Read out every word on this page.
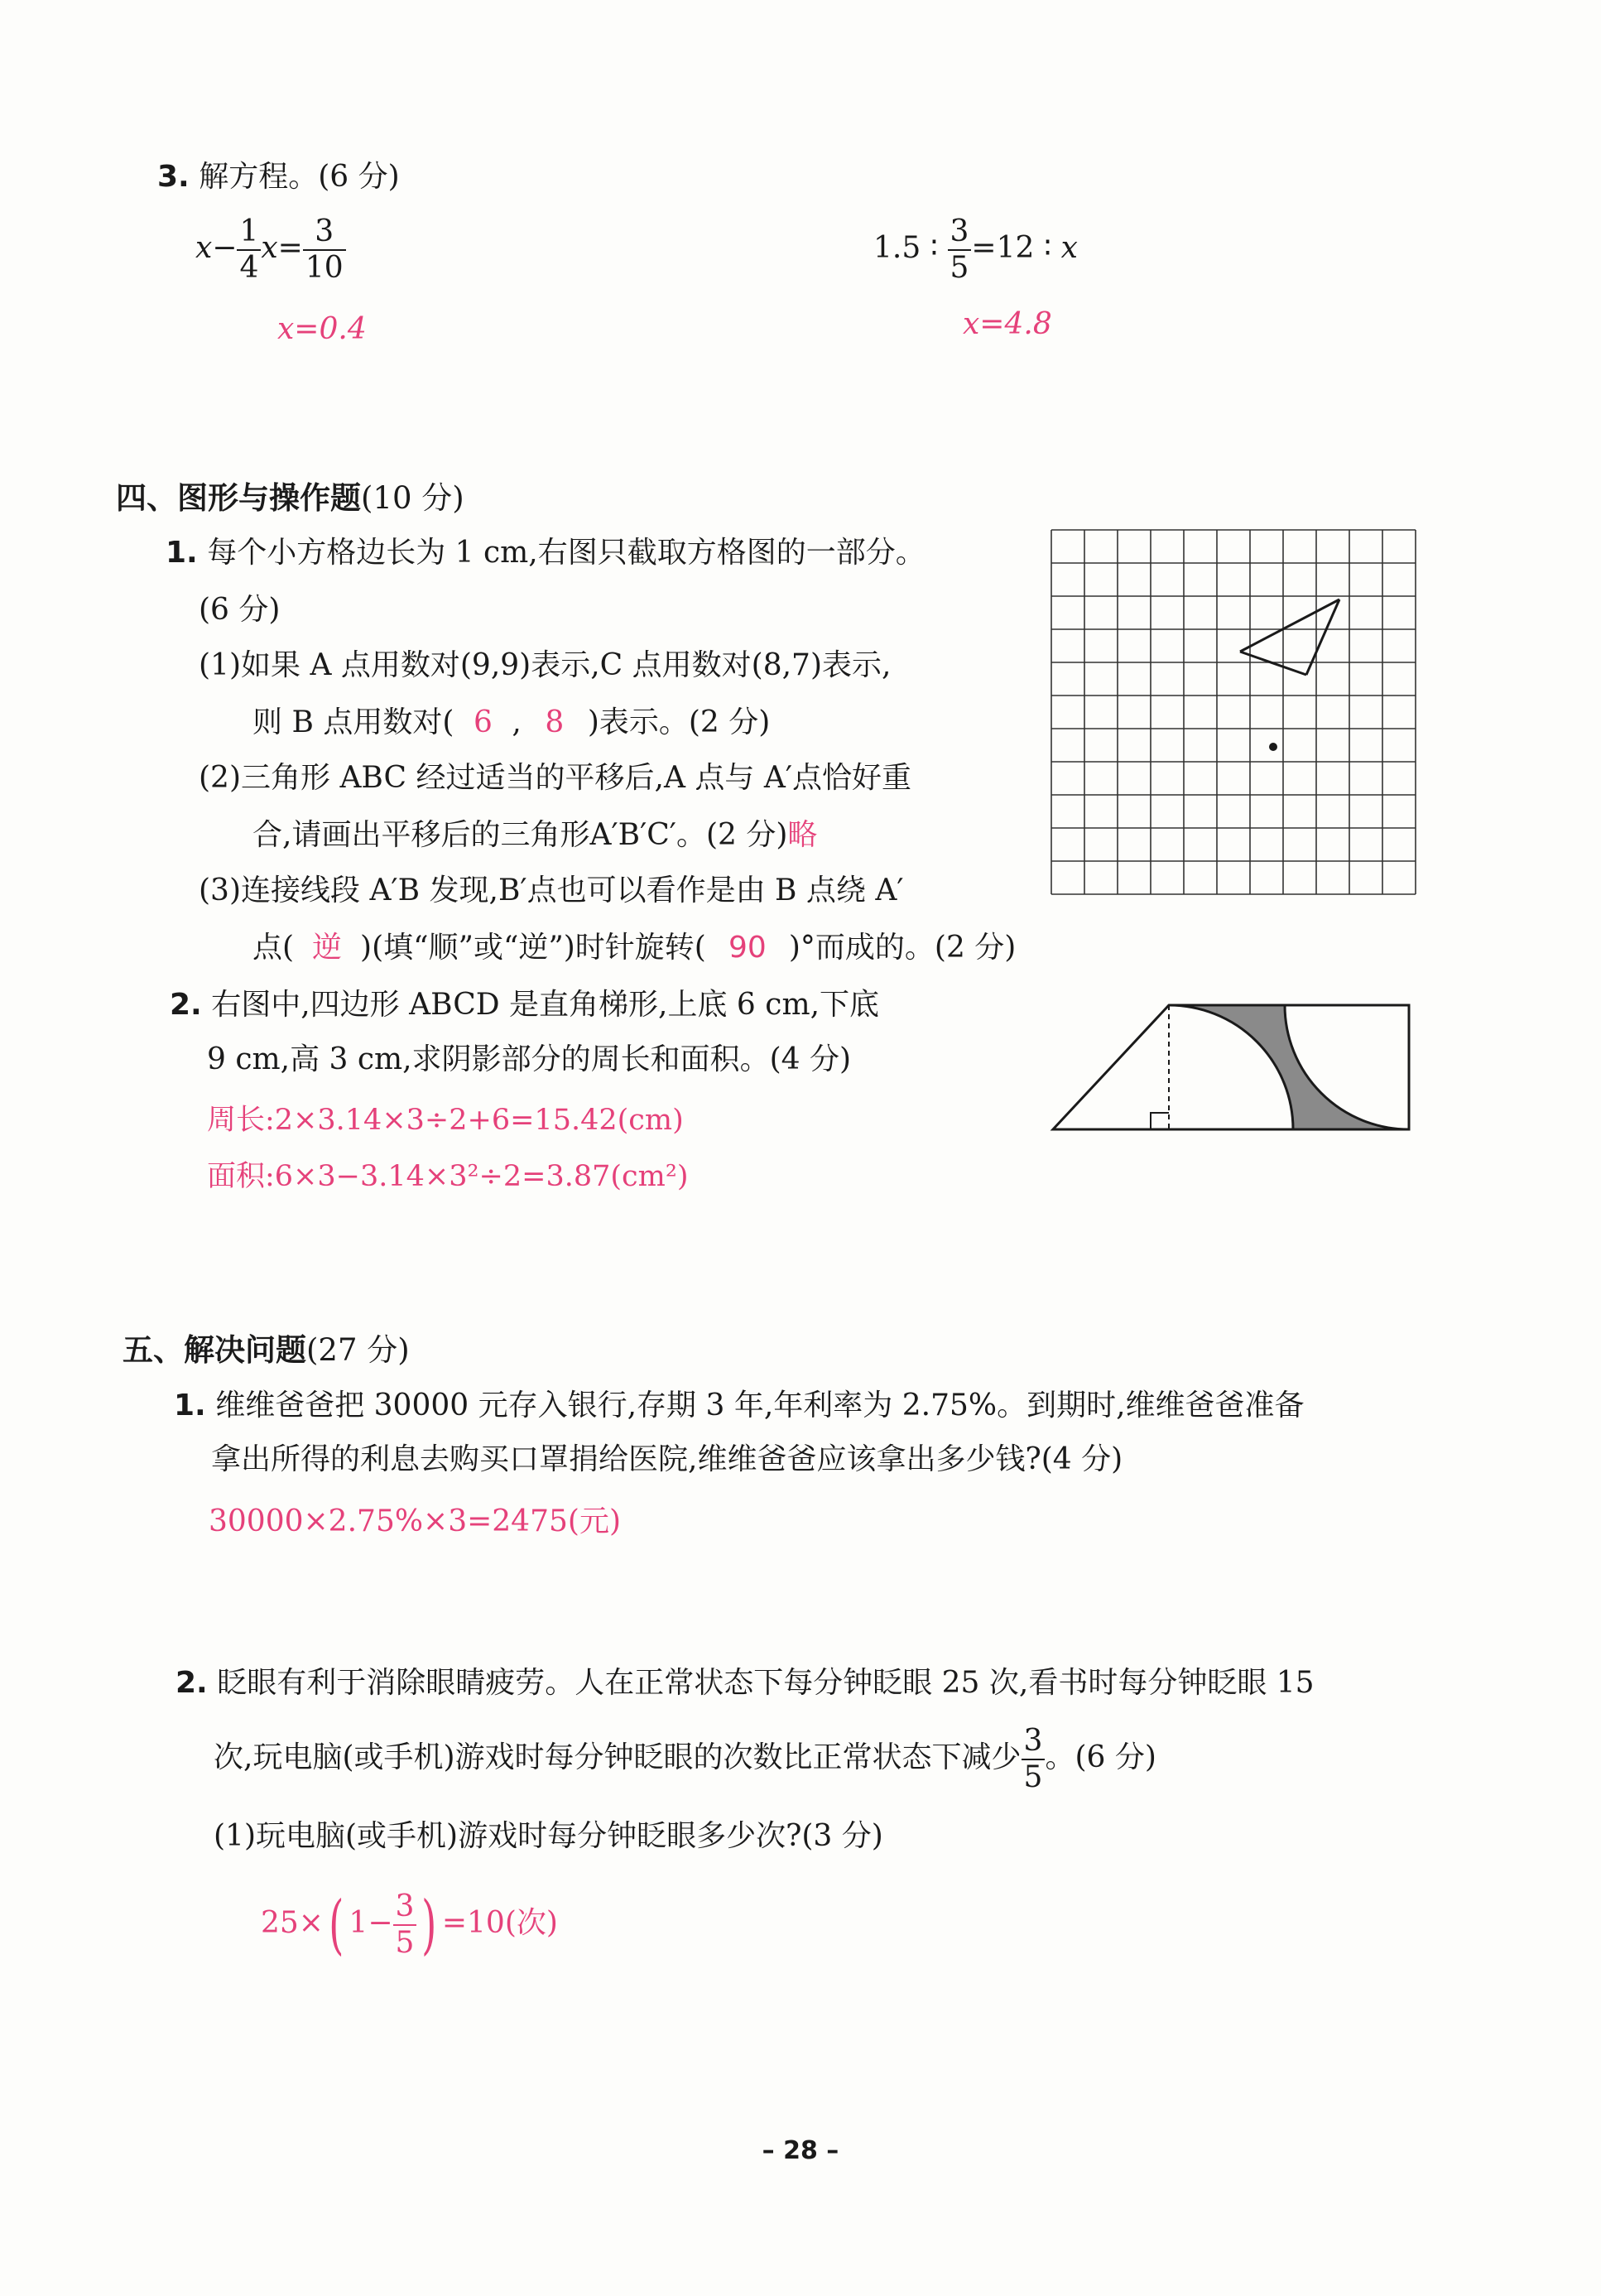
3. 解方程。(6 分)
$x- \frac{1}{4} x= \frac{3}{10}$
x=0.4
1.5 ∶ $\frac{3}{5} =12$ ∶ x
x=4.8
四、图形与操作题(10 分)
1. 每个小方格边长为 1 cm,右图只截取方格图的一部分。
(6 分)
(1)如果 A 点用数对(9,9)表示,C 点用数对(8,7)表示,
则 B 点用数对( 6 , 8 )表示。(2 分)
(2)三角形 ABC 经过适当的平移后,A 点与 A′点恰好重
合,请画出平移后的三角形A′B′C′。(2 分)略
(3)连接线段 A′B 发现,B′点也可以看作是由 B 点绕 A′
点( 逆 )(填“顺”或“逆”)时针旋转( 90 )°而成的。(2 分)
2. 右图中,四边形 ABCD 是直角梯形,上底 6 cm,下底
9 cm,高 3 cm,求阴影部分的周长和面积。(4 分)
周长:2×3.14×3÷2+6=15.42(cm)
面积:6×3−3.14×3²÷2=3.87(cm²)
五、解决问题(27 分)
1. 维维爸爸把 30000 元存入银行,存期 3 年,年利率为 2.75%。到期时,维维爸爸准备
拿出所得的利息去购买口罩捐给医院,维维爸爸应该拿出多少钱?(4 分)
30000×2.75%×3=2475(元)
2. 眨眼有利于消除眼睛疲劳。人在正常状态下每分钟眨眼 25 次,看书时每分钟眨眼 15
次,玩电脑(或手机)游戏时每分钟眨眼的次数比正常状态下减少 $\frac{3}{5}$ 。(6 分)
(1)玩电脑(或手机)游戏时每分钟眨眼多少次?(3 分)
25×( $1- \frac{3}{5}$ ) =10(次)
– 28 –
